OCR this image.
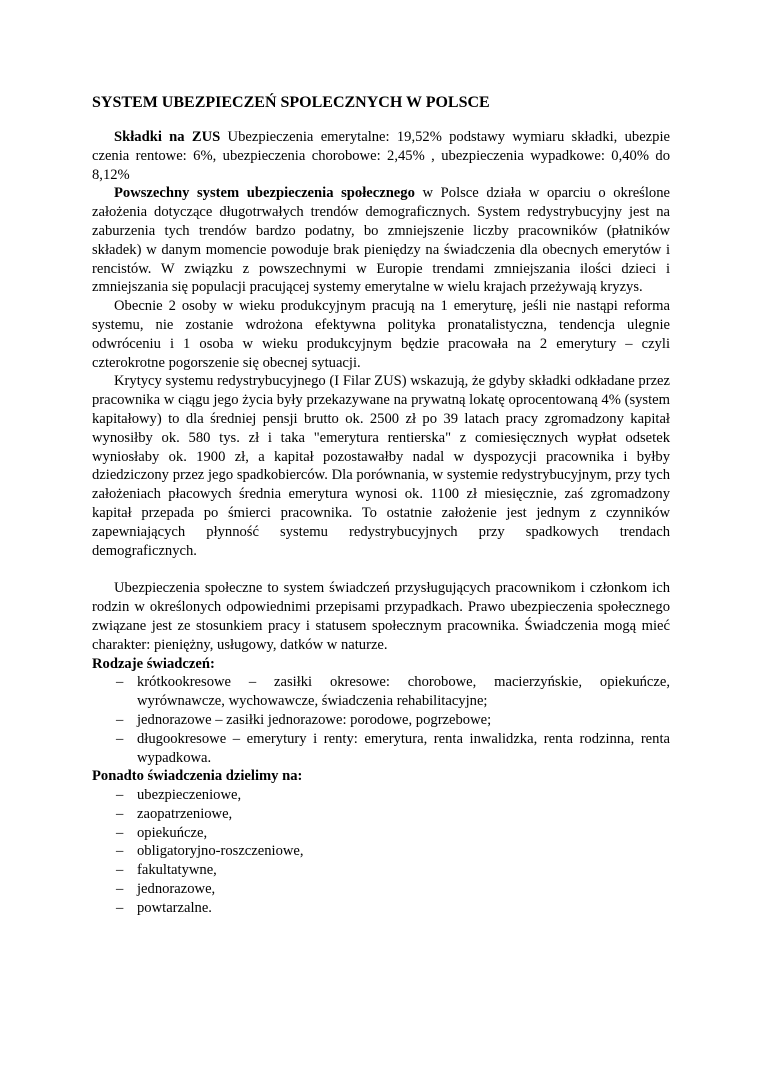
SYSTEM UBEZPIECZEŃ SPOLECZNYCH W POLSCE

Składki na ZUS Ubezpieczenia emerytalne: 19,52% podstawy wymiaru składki, ubezpie czenia rentowe: 6%, ubezpieczenia chorobowe: 2,45% , ubezpieczenia wypadkowe: 0,40% do 8,12%

Powszechny system ubezpieczenia społecznego w Polsce działa w oparciu o określone założenia dotyczące długotrwałych trendów demograficznych. System redystrybucyjny jest na zaburzenia tych trendów bardzo podatny, bo zmniejszenie liczby pracowników (płatników składek) w danym momencie powoduje brak pieniędzy na świadczenia dla obecnych emerytów i rencistów. W związku z powszechnymi w Europie trendami zmniejszania ilości dzieci i zmniejszania się populacji pracującej systemy emerytalne w wielu krajach przeżywają kryzys.

Obecnie 2 osoby w wieku produkcyjnym pracują na 1 emeryturę, jeśli nie nastąpi reforma systemu, nie zostanie wdrożona efektywna polityka pronatalistyczna, tendencja ulegnie odwróceniu i 1 osoba w wieku produkcyjnym będzie pracowała na 2 emerytury – czyli czterokrotne pogorszenie się obecnej sytuacji.

Krytycy systemu redystrybucyjnego (I Filar ZUS) wskazują, że gdyby składki odkładane przez pracownika w ciągu jego życia były przekazywane na prywatną lokatę oprocentowaną 4% (system kapitałowy) to dla średniej pensji brutto ok. 2500 zł po 39 latach pracy zgromadzony kapitał wynosiłby ok. 580 tys. zł i taka "emerytura rentierska" z comiesięcznych wypłat odsetek wyniosłaby ok. 1900 zł, a kapitał pozostawałby nadal w dyspozycji pracownika i byłby dziedziczony przez jego spadkobierców. Dla porównania, w systemie redystrybucyjnym, przy tych założeniach płacowych średnia emerytura wynosi ok. 1100 zł miesięcznie, zaś zgromadzony kapitał przepada po śmierci pracownika. To ostatnie założenie jest jednym z czynników zapewniających płynność systemu redystrybucyjnych przy spadkowych trendach demograficznych.

Ubezpieczenia społeczne to system świadczeń przysługujących pracownikom i członkom ich rodzin w określonych odpowiednimi przepisami przypadkach. Prawo ubezpieczenia społecznego związane jest ze stosunkiem pracy i statusem społecznym pracownika. Świadczenia mogą mieć charakter: pieniężny, usługowy, datków w naturze.

Rodzaje świadczeń:
– krótkookresowe – zasiłki okresowe: chorobowe, macierzyńskie, opiekuńcze, wyrównawcze, wychowawcze, świadczenia rehabilitacyjne;
– jednorazowe – zasiłki jednorazowe: porodowe, pogrzebowe;
– długookresowe – emerytury i renty: emerytura, renta inwalidzka, renta rodzinna, renta wypadkowa.
Ponadto świadczenia dzielimy na:
– ubezpieczeniowe,
– zaopatrzeniowe,
– opiekuńcze,
– obligatoryjno-roszczeniowe,
– fakultatywne,
– jednorazowe,
– powtarzalne.
